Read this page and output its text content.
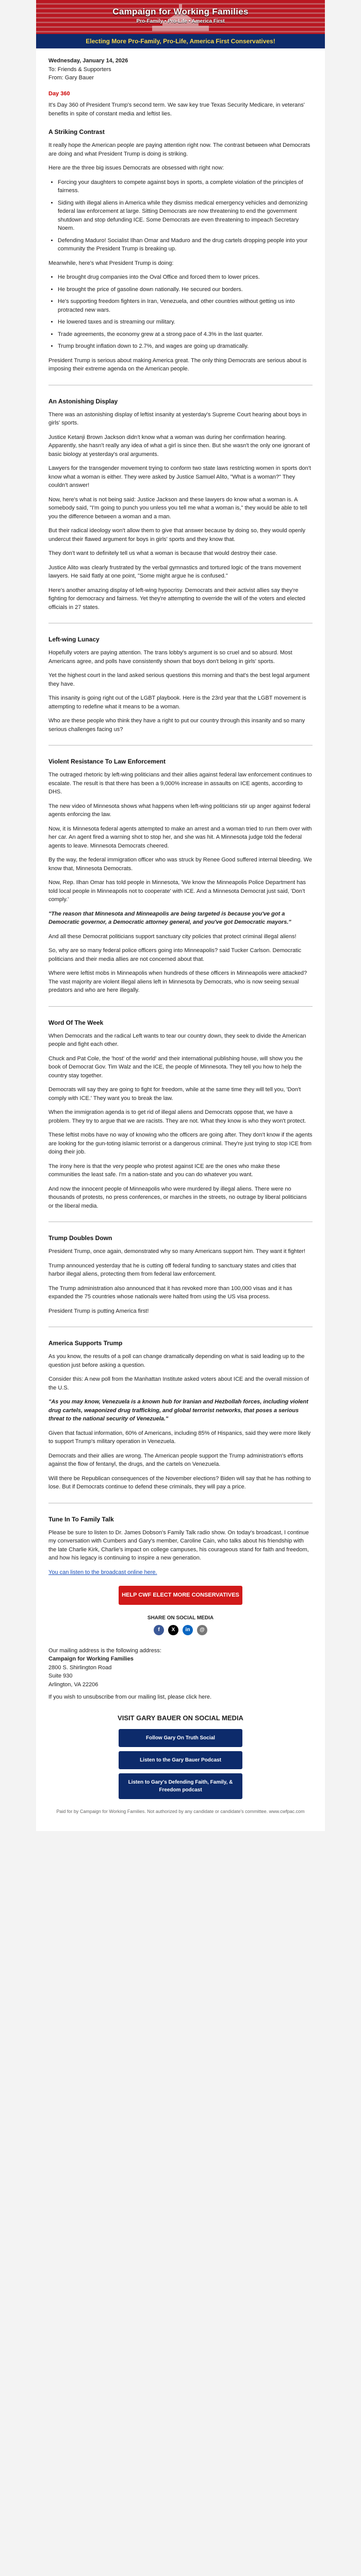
Campaign for Working Families
Pro-Family • Pro-Life • America First
Electing More Pro-Family, Pro-Life, America First Conservatives!

Wednesday, January 14, 2026

To: Friends & Supporters

From: Gary Bauer

Day 360

It's Day 360 of President Trump's second term. We saw key true Texas Security Medicare, in veterans' benefits in spite of constant media and leftist lies.

A Striking Contrast

It really hope the American people are paying attention right now. The contrast between what Democrats are doing and what President Trump is doing is striking.

Here are the three big issues Democrats are obsessed with right now:

• Forcing your daughters to compete against boys in sports, a complete violation of the principles of fairness.
• Siding with illegal aliens in America while they dismiss medical emergency vehicles and demonizing federal law enforcement at large. Sitting Democrats are now threatening to end the government shutdown and stop defunding ICE. Some Democrats are even threatening to impeach Secretary Noem.
• Defending Maduro! Socialist Ilhan Omar and Maduro and the drug cartels dropping people into your community the President Trump is breaking up.

Meanwhile, here's what President Trump is doing:

• He brought drug companies into the Oval Office and forced them to lower prices.
• He brought the price of gasoline down nationally. He secured our borders.
• He's supporting freedom fighters in Iran, Venezuela, and other countries without getting us into protracted new wars.
• He lowered taxes and is streaming our military.
• Trade agreements, the economy grew at a strong pace of 4.3% in the last quarter.
• Trump brought inflation down to 2.7%, and wages are going up dramatically.

President Trump is serious about making America great. The only thing Democrats are serious about is imposing their extreme agenda on the American people.

An Astonishing Display

There was an astonishing display of leftist insanity at yesterday's Supreme Court hearing about boys in girls' sports.

Justice Ketanji Brown Jackson didn't know what a woman was during her confirmation hearing. Apparently, she hasn't really any idea of what a girl is since then. But she wasn't the only one ignorant of basic biology at yesterday's oral arguments.

Lawyers for the transgender movement trying to conform two state laws restricting women in sports don't know what a woman is either. They were asked by Justice Samuel Alito, "What is a woman?" They couldn't answer!

Now, here's what is not being said: Justice Jackson and these lawyers do know what a woman is. A somebody said, "I'm going to punch you unless you tell me what a woman is," they would be able to tell you the difference between a woman and a man.

But their radical ideology won't allow them to give that answer because by doing so, they would openly undercut their flawed argument for boys in girls' sports and they know that.

They don't want to definitely tell us what a woman is because that would destroy their case.

Justice Alito was clearly frustrated by the verbal gymnastics and tortured logic of the trans movement lawyers. He said flatly at one point, "Some might argue he is confused."

Here's another amazing display of left-wing hypocrisy. Democrats and their activist allies say they're fighting for democracy and fairness. Yet they're attempting to override the will of the voters and elected officials in 27 states.

Left-wing Lunacy

Hopefully voters are paying attention. The trans lobby's argument is so cruel and so absurd. Most Americans agree, and polls have consistently shown that boys don't belong in girls' sports.

Yet the highest court in the land asked serious questions this morning and that's the best legal argument they have.

This insanity is going right out of the LGBT playbook. Here is the 23rd year that the LGBT movement is attempting to redefine what it means to be a woman.

Who are these people who think they have a right to put our country through this insanity and so many serious challenges facing us?

Violent Resistance To Law Enforcement

The outraged rhetoric by left-wing politicians and their allies against federal law enforcement continues to escalate. The result is that there has been a 9,000% increase in assaults on ICE agents, according to DHS.

The new video of Minnesota shows what happens when left-wing politicians stir up anger against federal agents enforcing the law.

Now, it is Minnesota federal agents attempted to make an arrest and a woman tried to run them over with her car. An agent fired a warning shot to stop her, and she was hit. A Minnesota judge told the federal agents to leave. Minnesota Democrats cheered.

By the way, the federal immigration officer who was struck by Renee Good suffered internal bleeding. We know that, Minnesota Democrats.

Now, Rep. Ilhan Omar has told people in Minnesota, 'We know the Minneapolis Police Department has told local people in Minneapolis not to cooperate' with ICE. And a Minnesota Democrat just said, 'Don't comply.'

"The reason that Minnesota and Minneapolis are being targeted is because you've got a Democratic governor, a Democratic attorney general, and you've got Democratic mayors."

And all these Democrat politicians support sanctuary city policies that protect criminal illegal aliens!

So, why are so many federal police officers going into Minneapolis? said Tucker Carlson. Democratic politicians and their media allies are not concerned about that.

Where were leftist mobs in Minneapolis when hundreds of these officers in Minneapolis were attacked? The vast majority are violent illegal aliens left in Minnesota by Democrats, who is now seeing sexual predators and who are here illegally.

Word Of The Week

When Democrats and the radical Left wants to tear our country down, they seek to divide the American people and fight each other.

Chuck and Pat Cole, the 'host' of the world' and their international publishing house, will show you the book of Democrat Gov. Tim Walz and the ICE, the people of Minnesota. They tell you how to help the country stay together.

Democrats will say they are going to fight for freedom, while at the same time they will tell you, 'Don't comply with ICE.' They want you to break the law.

When the immigration agenda is to get rid of illegal aliens and Democrats oppose that, we have a problem. They try to argue that we are racists. They are not. What they know is who they won't protect.

These leftist mobs have no way of knowing who the officers are going after. They don't know if the agents are looking for the gun-toting islamic terrorist or a dangerous criminal. They're just trying to stop ICE from doing their job.

The irony here is that the very people who protest against ICE are the ones who make these communities the least safe. I'm a nation-state and you can do whatever you want.

And now the innocent people of Minneapolis who were murdered by illegal aliens. There were no thousands of protests, no press conferences, or marches in the streets, no outrage by liberal politicians or the liberal media.

Trump Doubles Down

President Trump, once again, demonstrated why so many Americans support him. They want it fighter!

Trump announced yesterday that he is cutting off federal funding to sanctuary states and cities that harbor illegal aliens, protecting them from federal law enforcement.

The Trump administration also announced that it has revoked more than 100,000 visas and it has expanded the 75 countries whose nationals were halted from using the US visa process.

President Trump is putting America first!

America Supports Trump

As you know, the results of a poll can change dramatically depending on what is said leading up to the question just before asking a question.

Consider this: A new poll from the Manhattan Institute asked voters about ICE and the overall mission of the U.S.

"As you may know, Venezuela is a known hub for Iranian and Hezbollah forces, including violent drug cartels, weaponized drug trafficking, and global terrorist networks, that poses a serious threat to the national security of Venezuela."

Given that factual information, 60% of Americans, including 85% of Hispanics, said they were more likely to support Trump's military operation in Venezuela.

Democrats and their allies are wrong. The American people support the Trump administration's efforts against the flow of fentanyl, the drugs, and the cartels on Venezuela.

Will there be Republican consequences of the November elections? Biden will say that he has nothing to lose. But if Democrats continue to defend these criminals, they will pay a price.

Tune In To Family Talk

Please be sure to listen to Dr. James Dobson's Family Talk radio show. On today's broadcast, I continue my conversation with Cumbers and Gary's member, Caroline Cain, who talks about his friendship with the late Charlie Kirk, Charlie's impact on college campuses, his courageous stand for faith and freedom, and how his legacy is continuing to inspire a new generation.

You can listen to the broadcast online here.

HELP CWF ELECT MORE CONSERVATIVES
SHARE ON SOCIAL MEDIA
f	X	in	@

Our mailing address is the following address:

Campaign for Working Families

2800 S. Shirlington Road

Suite 930

Arlington, VA 22206

If you wish to unsubscribe from our mailing list, please click here.

VISIT GARY BAUER ON SOCIAL MEDIA
Follow Gary On Truth Social
Listen to the Gary Bauer Podcast
Listen to Gary's Defending Faith, Family, & Freedom podcast
Paid for by Campaign for Working Families. Not authorized by any candidate or candidate's committee. www.cwfpac.com
